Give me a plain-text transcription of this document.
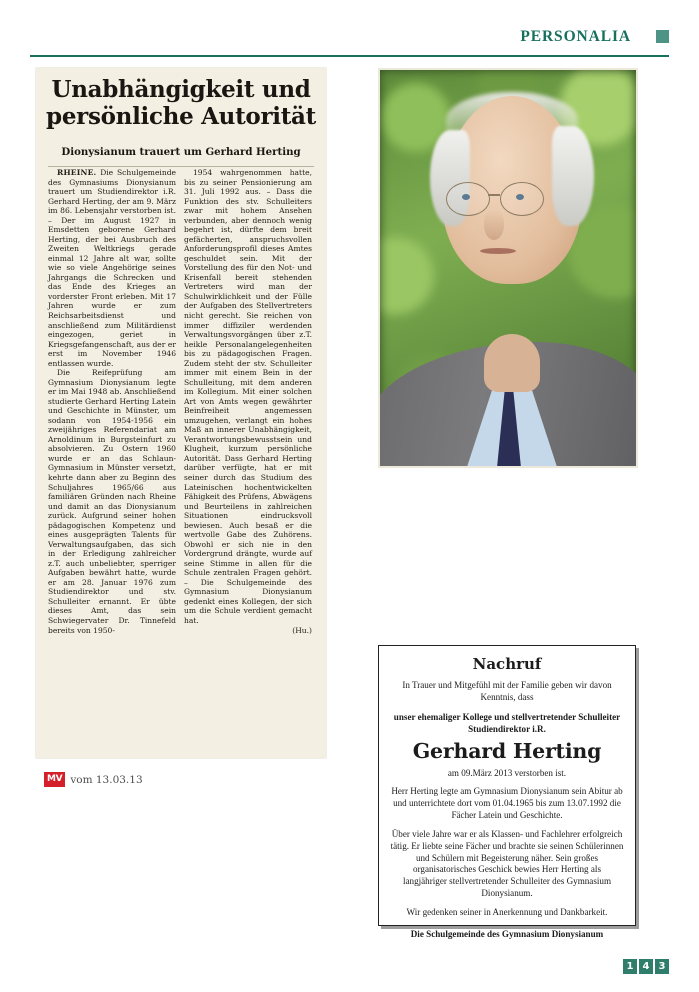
PERSONALIA
Unabhängigkeit und persönliche Autorität
Dionysianum trauert um Gerhard Herting

RHEINE. Die Schulgemeinde des Gymnasiums Dionysianum trauert um Studiendirektor i.R. Gerhard Herting, der am 9. März im 86. Lebensjahr verstorben ist. – Der im August 1927 in Emsdetten geborene Gerhard Herting, der bei Ausbruch des Zweiten Weltkriegs gerade einmal 12 Jahre alt war, sollte wie so viele Angehörige seines Jahrgangs die Schrecken und das Ende des Krieges an vorderster Front erleben. Mit 17 Jahren wurde er zum Reichsarbeitsdienst und anschließend zum Militärdienst eingezogen, geriet in Kriegsgefangenschaft, aus der er erst im November 1946 entlassen wurde.

Die Reifeprüfung am Gymnasium Dionysianum legte er im Mai 1948 ab. Anschließend studierte Gerhard Herting Latein und Geschichte in Münster, um sodann von 1954-1956 ein zweijähriges Referendariat am Arnoldinum in Burgsteinfurt zu absolvieren. Zu Ostern 1960 wurde er an das Schlaun-Gymnasium in Münster versetzt, kehrte dann aber zu Beginn des Schuljahres 1965/66 aus familiären Gründen nach Rheine und damit an das Dionysianum zurück. Aufgrund seiner hohen pädagogischen Kompetenz und eines ausgeprägten Talents für Verwaltungsaufgaben, das sich in der Erledigung zahlreicher z.T. auch unbeliebter, sperriger Aufgaben bewährt hatte, wurde er am 28. Januar 1976 zum Studiendirektor und stv. Schulleiter ernannt. Er übte dieses Amt, das sein Schwiegervater Dr. Tinnefeld bereits von 1950-

1954 wahrgenommen hatte, bis zu seiner Pensionierung am 31. Juli 1992 aus. – Dass die Funktion des stv. Schulleiters zwar mit hohem Ansehen verbunden, aber dennoch wenig begehrt ist, dürfte dem breit gefächerten, anspruchsvollen Anforderungsprofil dieses Amtes geschuldet sein. Mit der Vorstellung des für den Not- und Krisenfall bereit stehenden Vertreters wird man der Schulwirklichkeit und der Fülle der Aufgaben des Stellvertreters nicht gerecht. Sie reichen von immer diffiziler werdenden Verwaltungsvorgängen über z.T. heikle Personalangelegenheiten bis zu pädagogischen Fragen. Zudem steht der stv. Schulleiter immer mit einem Bein in der Schulleitung, mit dem anderen im Kollegium. Mit einer solchen Art von Amts wegen gewährter Beinfreiheit angemessen umzugehen, verlangt ein hohes Maß an innerer Unabhängigkeit, Verantwortungsbewusstsein und Klugheit, kurzum persönliche Autorität. Dass Gerhard Herting darüber verfügte, hat er mit seiner durch das Studium des Lateinischen hochentwickelten Fähigkeit des Prüfens, Abwägens und Beurteilens in zahlreichen Situationen eindrucksvoll bewiesen. Auch besaß er die wertvolle Gabe des Zuhörens. Obwohl er sich nie in den Vordergrund drängte, wurde auf seine Stimme in allen für die Schule zentralen Fragen gehört. – Die Schulgemeinde des Gymnasium Dionysianum gedenkt eines Kollegen, der sich um die Schule verdient gemacht hat.
(Hu.)

MV vom 13.03.13
Nachruf

In Trauer und Mitgefühl mit der Familie geben wir davon Kenntnis, dass

unser ehemaliger Kollege und stellvertretender Schulleiter Studiendirektor i.R.

Gerhard Herting

am 09.März 2013 verstorben ist.

Herr Herting legte am Gymnasium Dionysianum sein Abitur ab und unterrichtete dort vom 01.04.1965 bis zum 13.07.1992 die Fächer Latein und Geschichte.

Über viele Jahre war er als Klassen- und Fachlehrer erfolgreich tätig. Er liebte seine Fächer und brachte sie seinen Schülerinnen und Schülern mit Begeisterung näher. Sein großes organisatorisches Geschick bewies Herr Herting als langjähriger stellvertretender Schulleiter des Gymnasium Dionysianum.

Wir gedenken seiner in Anerkennung und Dankbarkeit.

Die Schulgemeinde des Gymnasium Dionysianum
1 4 3
